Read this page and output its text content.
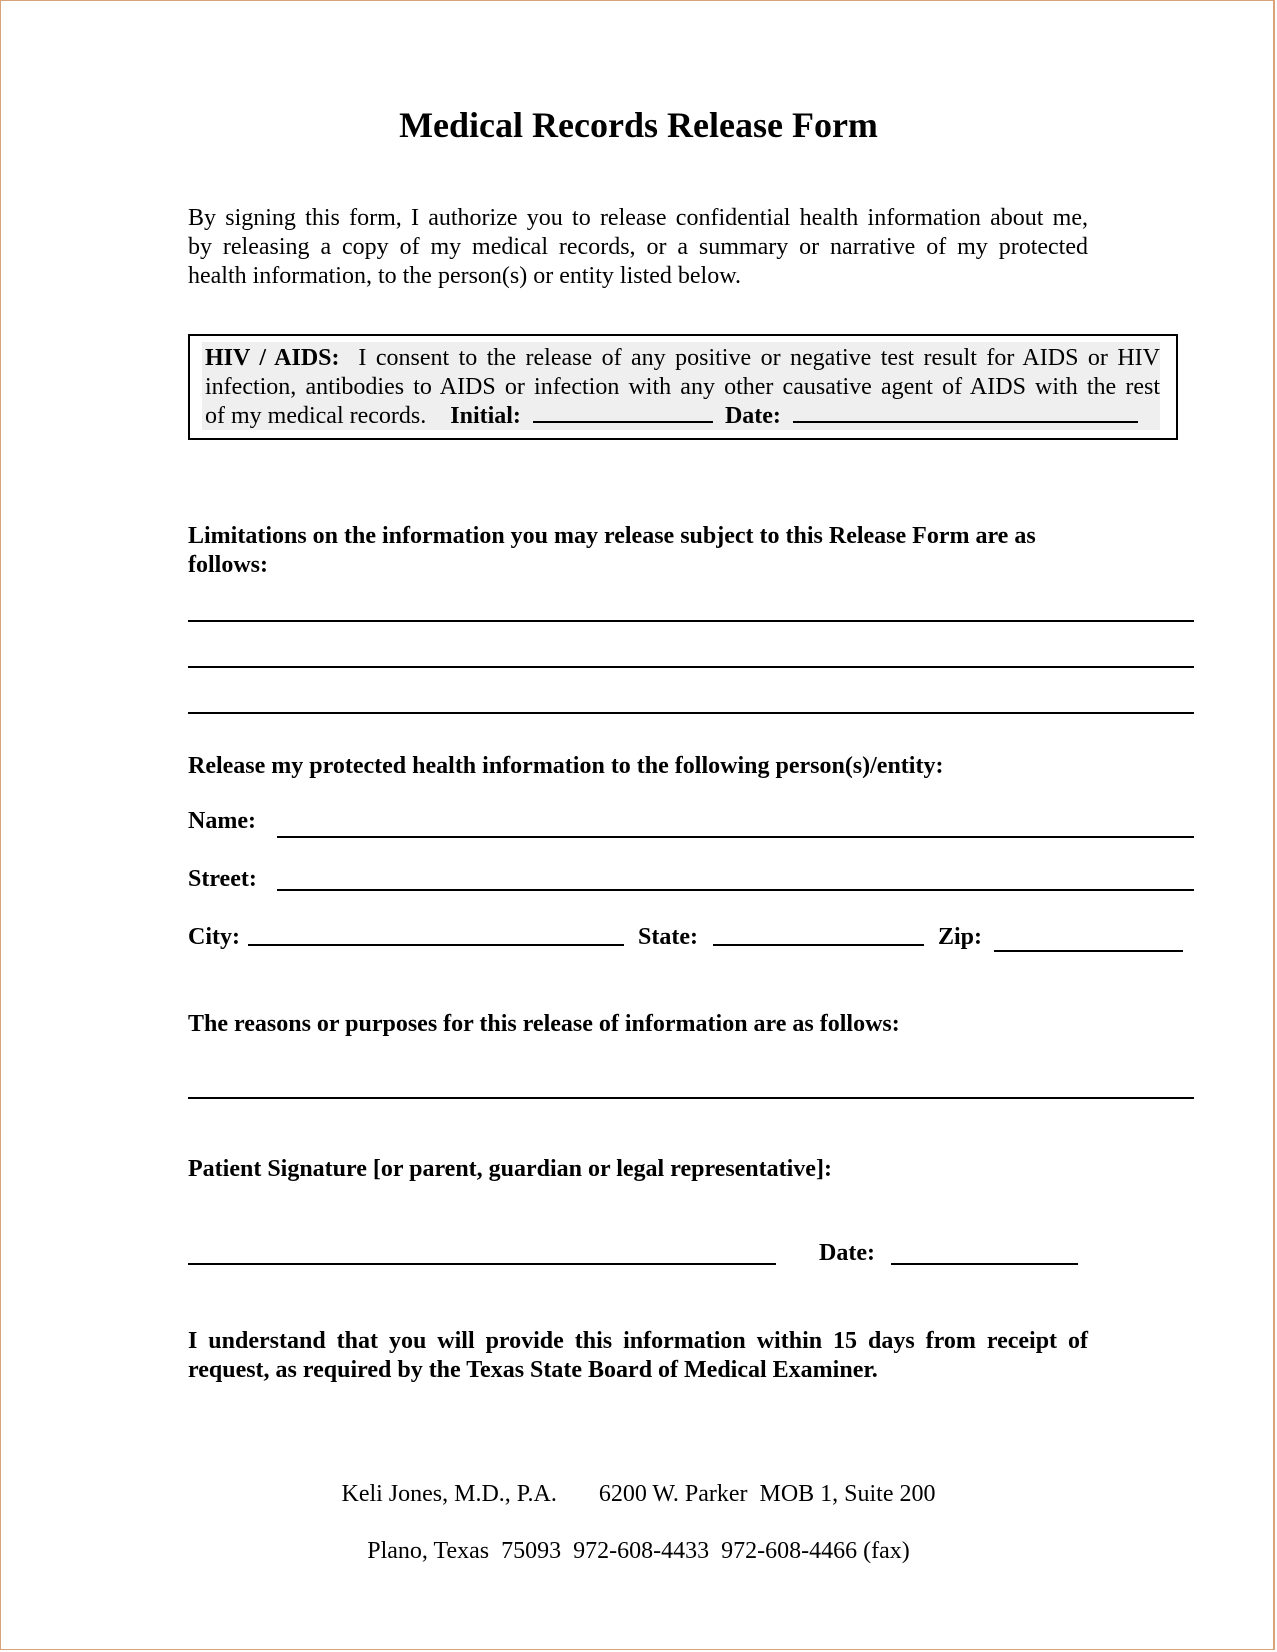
Medical Records Release Form
By signing this form, I authorize you to release confidential health information about me,
by releasing a copy of my medical records, or a summary or narrative of my protected
health information, to the person(s) or entity listed below.
HIV / AIDS: I consent to the release of any positive or negative test result for AIDS or HIV
infection, antibodies to AIDS or infection with any other causative agent of AIDS with the rest
of my medical records. Initial:	Date:
Limitations on the information you may release subject to this Release Form are as
follows:
Release my protected health information to the following person(s)/entity:
Name:
Street:
City:	State:	Zip:
The reasons or purposes for this release of information are as follows:
Patient Signature [or parent, guardian or legal representative]:
Date:
I understand that you will provide this information within 15 days from receipt of
request, as required by the Texas State Board of Medical Examiner.
Keli Jones, M.D., P.A.       6200 W. Parker  MOB 1, Suite 200
Plano, Texas  75093  972-608-4433  972-608-4466 (fax)
